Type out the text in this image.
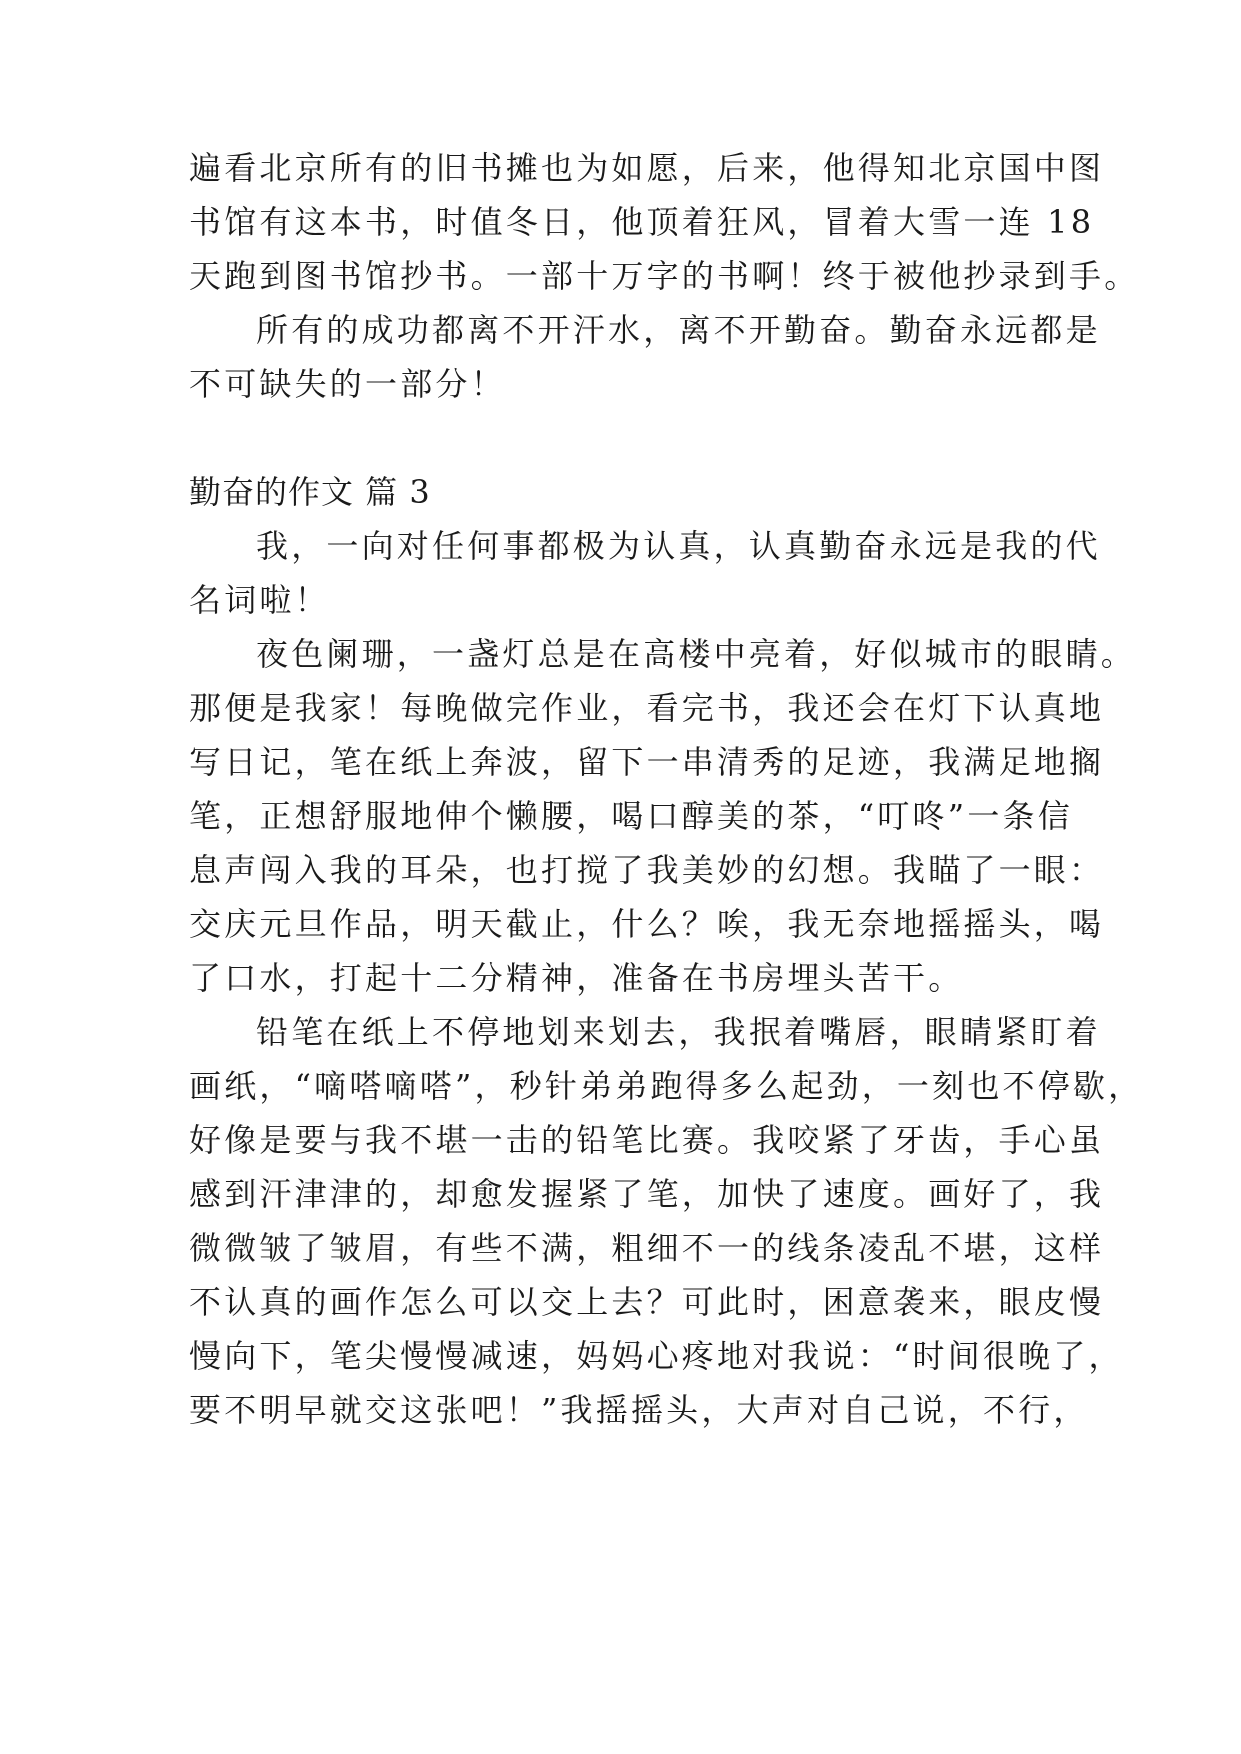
遍看北京所有的旧书摊也为如愿，后来，他得知北京国中图
书馆有这本书，时值冬日，他顶着狂风，冒着大雪一连 18
天跑到图书馆抄书。一部十万字的书啊！终于被他抄录到手。
所有的成功都离不开汗水，离不开勤奋。勤奋永远都是
不可缺失的一部分！
勤奋的作文 篇 3
我，一向对任何事都极为认真，认真勤奋永远是我的代
名词啦！
夜色阑珊，一盏灯总是在高楼中亮着，好似城市的眼睛。
那便是我家！每晚做完作业，看完书，我还会在灯下认真地
写日记，笔在纸上奔波，留下一串清秀的足迹，我满足地搁
笔，正想舒服地伸个懒腰，喝口醇美的茶，“叮咚”一条信
息声闯入我的耳朵，也打搅了我美妙的幻想。我瞄了一眼：
交庆元旦作品，明天截止，什么？唉，我无奈地摇摇头，喝
了口水，打起十二分精神，准备在书房埋头苦干。
铅笔在纸上不停地划来划去，我抿着嘴唇，眼睛紧盯着
画纸，“嘀嗒嘀嗒”，秒针弟弟跑得多么起劲，一刻也不停歇，
好像是要与我不堪一击的铅笔比赛。我咬紧了牙齿，手心虽
感到汗津津的，却愈发握紧了笔，加快了速度。画好了，我
微微皱了皱眉，有些不满，粗细不一的线条凌乱不堪，这样
不认真的画作怎么可以交上去？可此时，困意袭来，眼皮慢
慢向下，笔尖慢慢减速，妈妈心疼地对我说：“时间很晚了，
要不明早就交这张吧！”我摇摇头，大声对自己说，不行，
